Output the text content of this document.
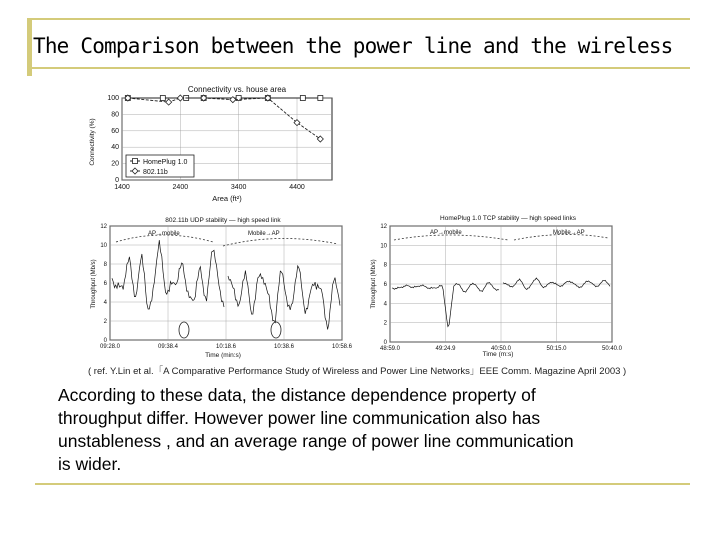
The Comparison between the power line and the wireless
Connectivity vs. house area
0
20
40
60
80
100
1400	2400	3400	4400
Connectivity (%)
Area (ft²)
HomePlug 1.0
802.11b
802.11b UDP stability — high speed link
0
2
4
6
8
10
12
09:28.0	09:38.4	10:18.6	10:38.6	10:58.6
Throughput (Mb/s)
Time (min:s)
AP→mobile	Mobile→AP
HomePlug 1.0 TCP stability — high speed links
0
2
4
6
8
10
12
48:59.0	49:24.9	40:50.0	50:15.0	50:40.0
Throughput (Mb/s)
Time (m:s)
AP→mobile	Mobile→AP
( ref. Y.Lin et al.「A Comparative Performance Study of Wireless and Power Line Networks」EEE Comm. Magazine April 2003 )
According to these data, the distance dependence property of
throughput differ. However power line communication also has
unstableness , and an average range of power line communication
is wider.
